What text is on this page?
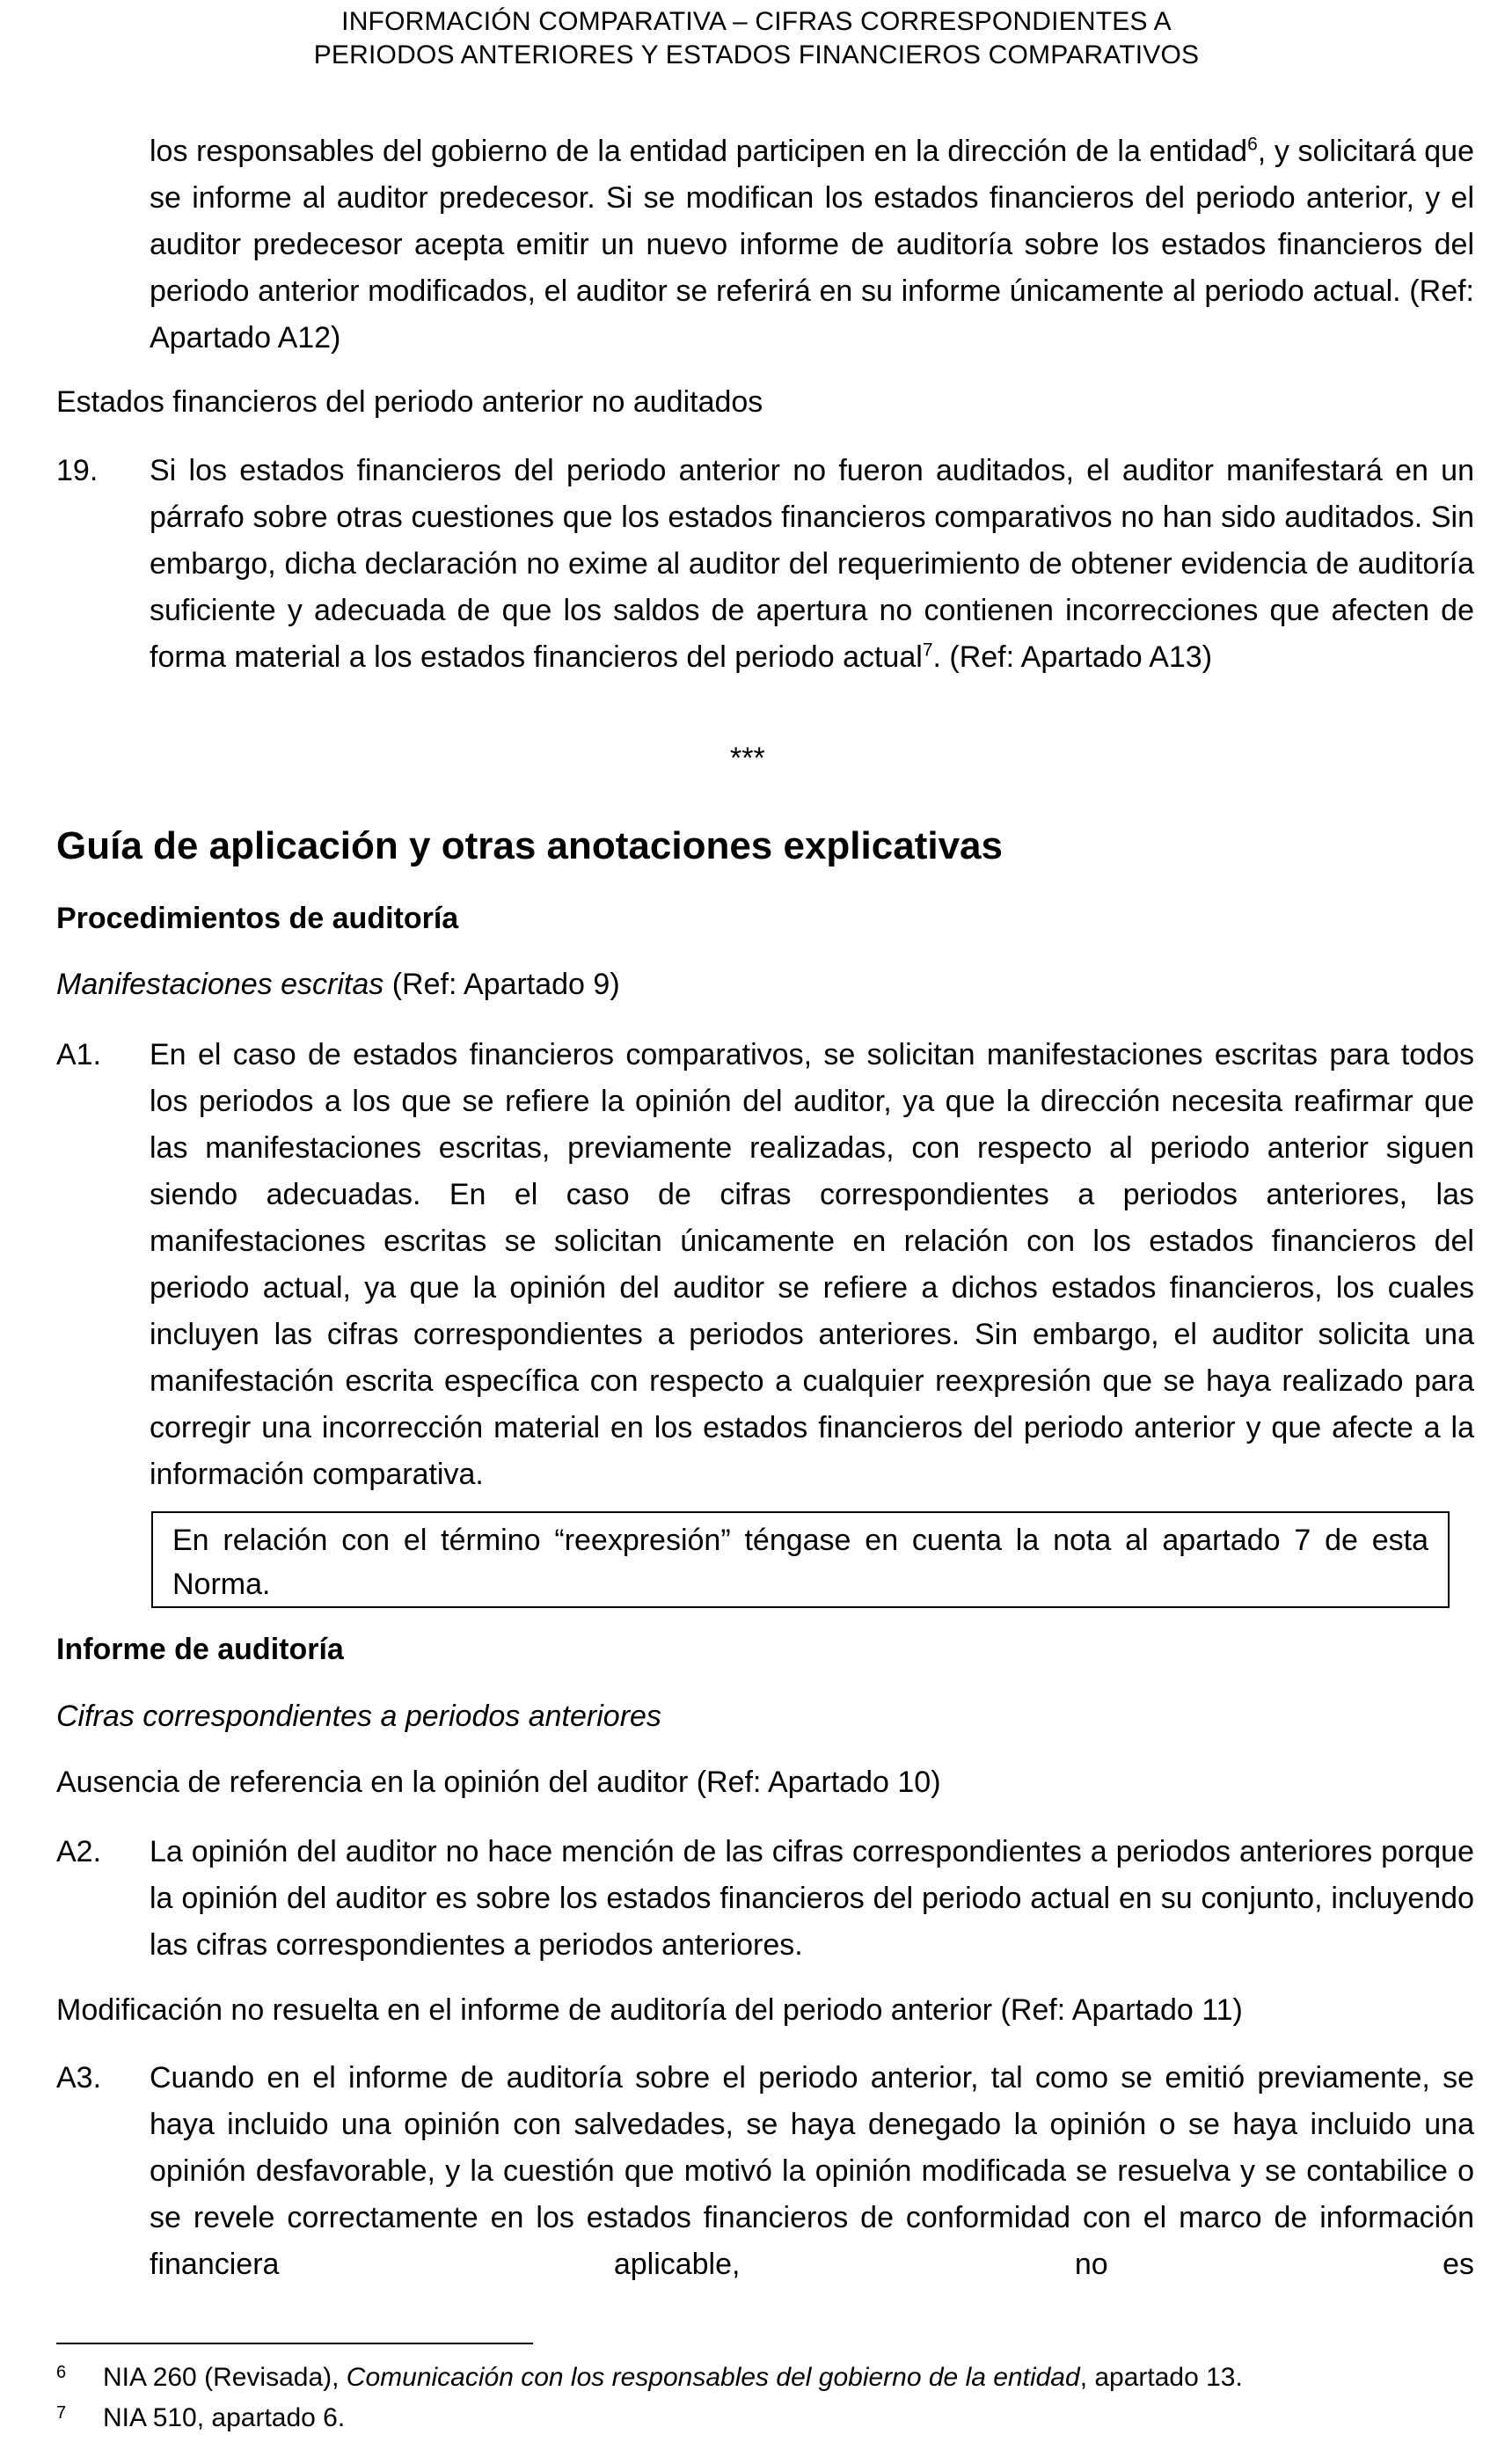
INFORMACIÓN COMPARATIVA – CIFRAS CORRESPONDIENTES A
PERIODOS ANTERIORES Y ESTADOS FINANCIEROS COMPARATIVOS
los responsables del gobierno de la entidad participen en la dirección de la entidad$^6$, y solicitará que se informe al auditor predecesor. Si se modifican los estados financieros del periodo anterior, y el auditor predecesor acepta emitir un nuevo informe de auditoría sobre los estados financieros del periodo anterior modificados, el auditor se referirá en su informe únicamente al periodo actual. (Ref: Apartado A12)
Estados financieros del periodo anterior no auditados
19.	Si los estados financieros del periodo anterior no fueron auditados, el auditor manifestará en un párrafo sobre otras cuestiones que los estados financieros comparativos no han sido auditados. Sin embargo, dicha declaración no exime al auditor del requerimiento de obtener evidencia de auditoría suficiente y adecuada de que los saldos de apertura no contienen incorrecciones que afecten de forma material a los estados financieros del periodo actual$^7$. (Ref: Apartado A13)
***
Guía de aplicación y otras anotaciones explicativas
Procedimientos de auditoría
Manifestaciones escritas (Ref: Apartado 9)
A1.	En el caso de estados financieros comparativos, se solicitan manifestaciones escritas para todos los periodos a los que se refiere la opinión del auditor, ya que la dirección necesita reafirmar que las manifestaciones escritas, previamente realizadas, con respecto al periodo anterior siguen siendo adecuadas. En el caso de cifras correspondientes a periodos anteriores, las manifestaciones escritas se solicitan únicamente en relación con los estados financieros del periodo actual, ya que la opinión del auditor se refiere a dichos estados financieros, los cuales incluyen las cifras correspondientes a periodos anteriores. Sin embargo, el auditor solicita una manifestación escrita específica con respecto a cualquier reexpresión que se haya realizado para corregir una incorrección material en los estados financieros del periodo anterior y que afecte a la información comparativa.
En relación con el término “reexpresión” téngase en cuenta la nota al apartado 7 de esta Norma.
Informe de auditoría
Cifras correspondientes a periodos anteriores
Ausencia de referencia en la opinión del auditor (Ref: Apartado 10)
A2.	La opinión del auditor no hace mención de las cifras correspondientes a periodos anteriores porque la opinión del auditor es sobre los estados financieros del periodo actual en su conjunto, incluyendo las cifras correspondientes a periodos anteriores.
Modificación no resuelta en el informe de auditoría del periodo anterior (Ref: Apartado 11)
A3.	Cuando en el informe de auditoría sobre el periodo anterior, tal como se emitió previamente, se haya incluido una opinión con salvedades, se haya denegado la opinión o se haya incluido una opinión desfavorable, y la cuestión que motivó la opinión modificada se resuelva y se contabilice o se revele correctamente en los estados financieros de conformidad con el marco de información financiera aplicable, no es
6 NIA 260 (Revisada), Comunicación con los responsables del gobierno de la entidad, apartado 13.
7 NIA 510, apartado 6.
